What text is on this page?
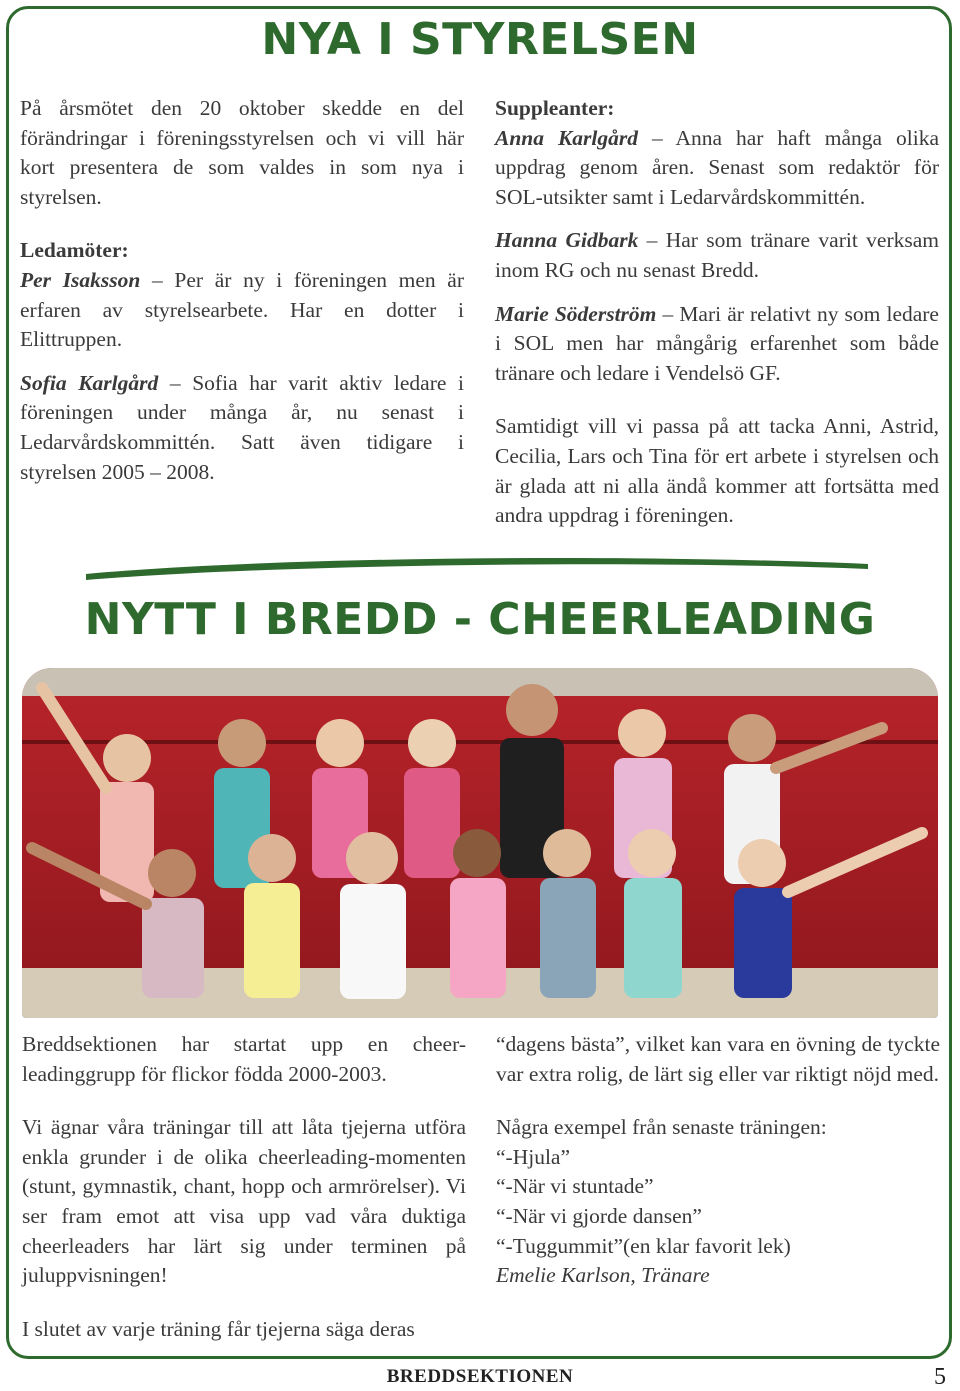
NYA I STYRELSEN

På årsmötet den 20 oktober skedde en del förändringar i föreningsstyrelsen och vi vill här kort presentera de som valdes in som nya i styrelsen.

Ledamöter:
Per Isaksson – Per är ny i föreningen men är erfaren av styrelsearbete. Har en dotter i Elittruppen.

Sofia Karlgård – Sofia har varit aktiv ledare i föreningen under många år, nu senast i Ledarvårdskommittén. Satt även tidigare i styrelsen 2005 – 2008.

Suppleanter:
Anna Karlgård – Anna har haft många olika uppdrag genom åren. Senast som redaktör för SOL-utsikter samt i Ledarvårdskommittén.

Hanna Gidbark – Har som tränare varit verksam inom RG och nu senast Bredd.

Marie Söderström – Mari är relativt ny som ledare i SOL men har mångårig erfarenhet som både tränare och ledare i Vendelsö GF.

Samtidigt vill vi passa på att tacka Anni, Astrid, Cecilia, Lars och Tina för ert arbete i styrelsen och är glada att ni alla ändå kommer att fortsätta med andra uppdrag i föreningen.

NYTT I BREDD - CHEERLEADING

Breddsektionen har startat upp en cheer-leadinggrupp för flickor födda 2000-2003.

Vi ägnar våra träningar till att låta tjejerna utföra enkla grunder i de olika cheerleading-momenten (stunt, gymnastik, chant, hopp och armrörelser). Vi ser fram emot att visa upp vad våra duktiga cheerleaders har lärt sig under terminen på juluppvisningen!

I slutet av varje träning får tjejerna säga deras

“dagens bästa”, vilket kan vara en övning de tyckte var extra rolig, de lärt sig eller var riktigt nöjd med.

Några exempel från senaste träningen:
“-Hjula”
“-När vi stuntade”
“-När vi gjorde dansen”
“-Tuggummit”(en klar favorit lek)
Emelie Karlson, Tränare
BREDDSEKTIONEN	5
